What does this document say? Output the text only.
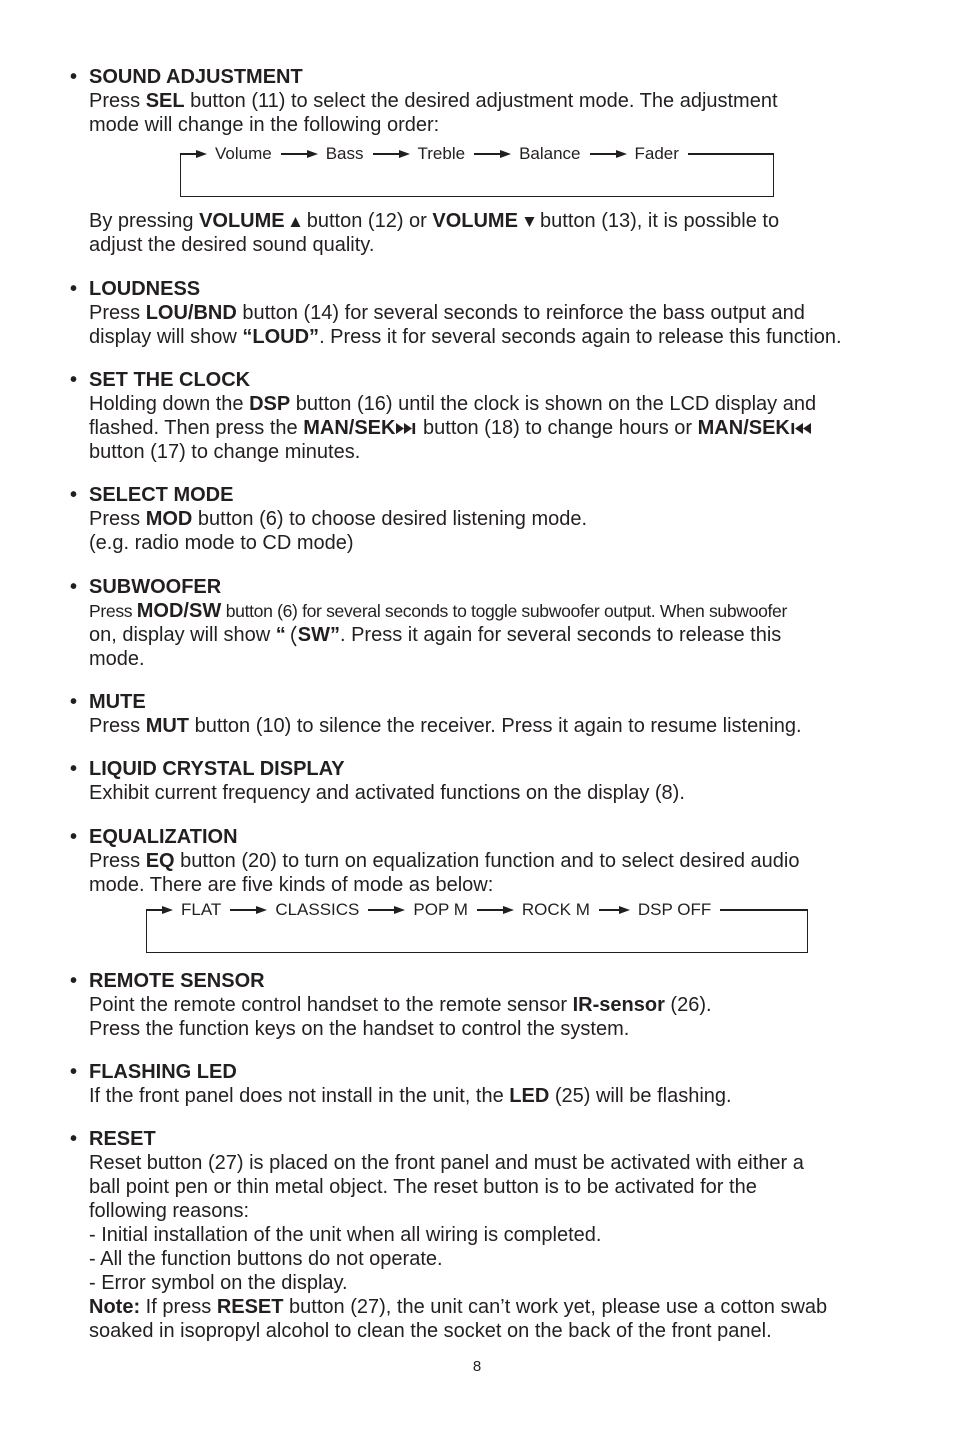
• SOUND ADJUSTMENT
Press SEL button (11) to select the desired adjustment mode. The adjustment
mode will change in the following order:
Volume	Bass	Treble	Balance	Fader
By pressing VOLUME  button (12) or VOLUME  button (13), it is possible to
adjust the desired sound quality.
• LOUDNESS
Press LOU/BND button (14) for several seconds to reinforce the bass output and
display will show “LOUD”. Press it for several seconds again to release this function.
• SET THE CLOCK
Holding down the DSP button (16) until the clock is shown on the LCD display and
flashed. Then press the MAN/SEK button (18) to change hours or MAN/SEK
button (17) to change minutes.
• SELECT MODE
Press MOD button (6) to choose desired listening mode.
(e.g. radio mode to CD mode)
• SUBWOOFER
Press MOD/SW button (6) for several seconds to toggle subwoofer output. When subwoofer
on, display will show “ SW”. Press it again for several seconds to release this
mode.
• MUTE
Press MUT button (10) to silence the receiver. Press it again to resume listening.
• LIQUID CRYSTAL DISPLAY
Exhibit current frequency and activated functions on the display (8).
• EQUALIZATION
Press EQ button (20) to turn on equalization function and to select desired audio
mode. There are five kinds of mode as below:
FLAT	CLASSICS	POP M	ROCK M	DSP OFF
• REMOTE SENSOR
Point the remote control handset to the remote sensor IR-sensor (26).
Press the function keys on the handset to control the system.
• FLASHING LED
If the front panel does not install in the unit, the LED (25) will be flashing.
• RESET
Reset button (27) is placed on the front panel and must be activated with either a
ball point pen or thin metal object. The reset button is to be activated for the
following reasons:
- Initial installation of the unit when all wiring is completed.
- All the function buttons do not operate.
- Error symbol on the display.
Note: If press RESET button (27), the unit can’t work yet, please use a cotton swab
soaked in isopropyl alcohol to clean the socket on the back of the front panel.
8
